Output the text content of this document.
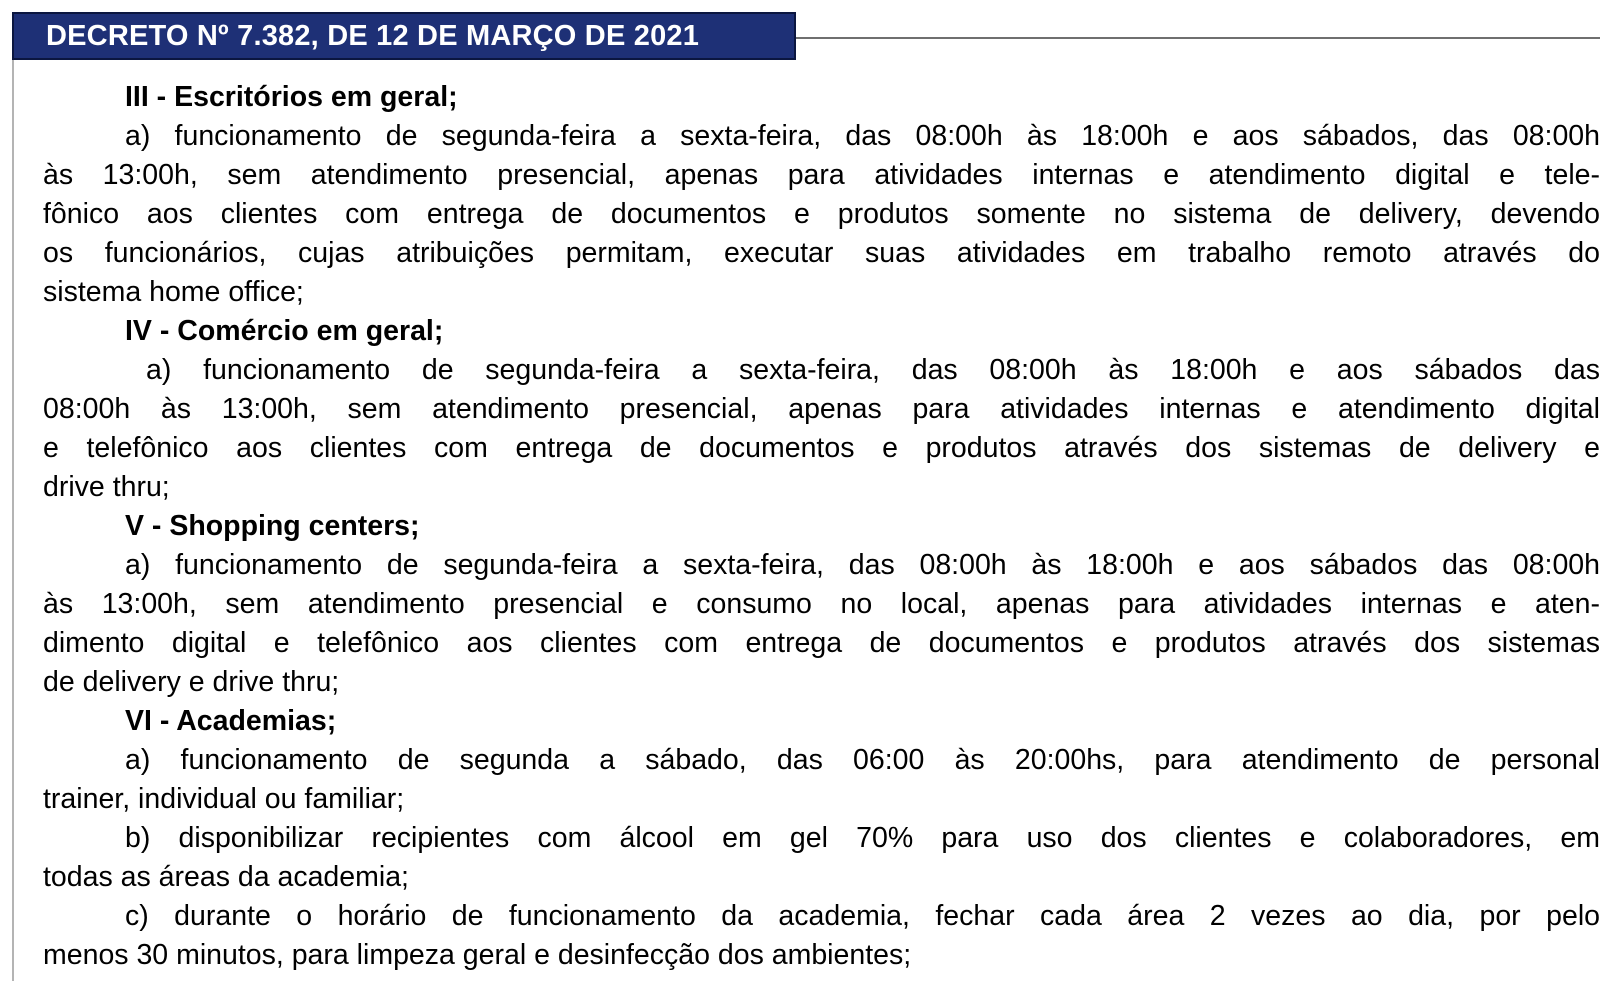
DECRETO Nº 7.382, DE 12 DE MARÇO DE 2021
III - Escritórios em geral;
a) funcionamento de segunda-feira a sexta-feira, das 08:00h às 18:00h e aos sábados, das 08:00h
às 13:00h, sem atendimento presencial, apenas para atividades internas e atendimento digital e tele-
fônico aos clientes com entrega de documentos e produtos somente no sistema de delivery, devendo
os funcionários, cujas atribuições permitam, executar suas atividades em trabalho remoto através do
sistema home office;
IV - Comércio em geral;
a) funcionamento de segunda-feira a sexta-feira, das 08:00h às 18:00h e aos sábados das
08:00h às 13:00h, sem atendimento presencial, apenas para atividades internas e atendimento digital
e telefônico aos clientes com entrega de documentos e produtos através dos sistemas de delivery e
drive thru;
V - Shopping centers;
a) funcionamento de segunda-feira a sexta-feira, das 08:00h às 18:00h e aos sábados das 08:00h
às 13:00h, sem atendimento presencial e consumo no local, apenas para atividades internas e aten-
dimento digital e telefônico aos clientes com entrega de documentos e produtos através dos sistemas
de delivery e drive thru;
VI - Academias;
a) funcionamento de segunda a sábado, das 06:00 às 20:00hs, para atendimento de personal
trainer, individual ou familiar;
b) disponibilizar recipientes com álcool em gel 70% para uso dos clientes e colaboradores, em
todas as áreas da academia;
c) durante o horário de funcionamento da academia, fechar cada área 2 vezes ao dia, por pelo
menos 30 minutos, para limpeza geral e desinfecção dos ambientes;
